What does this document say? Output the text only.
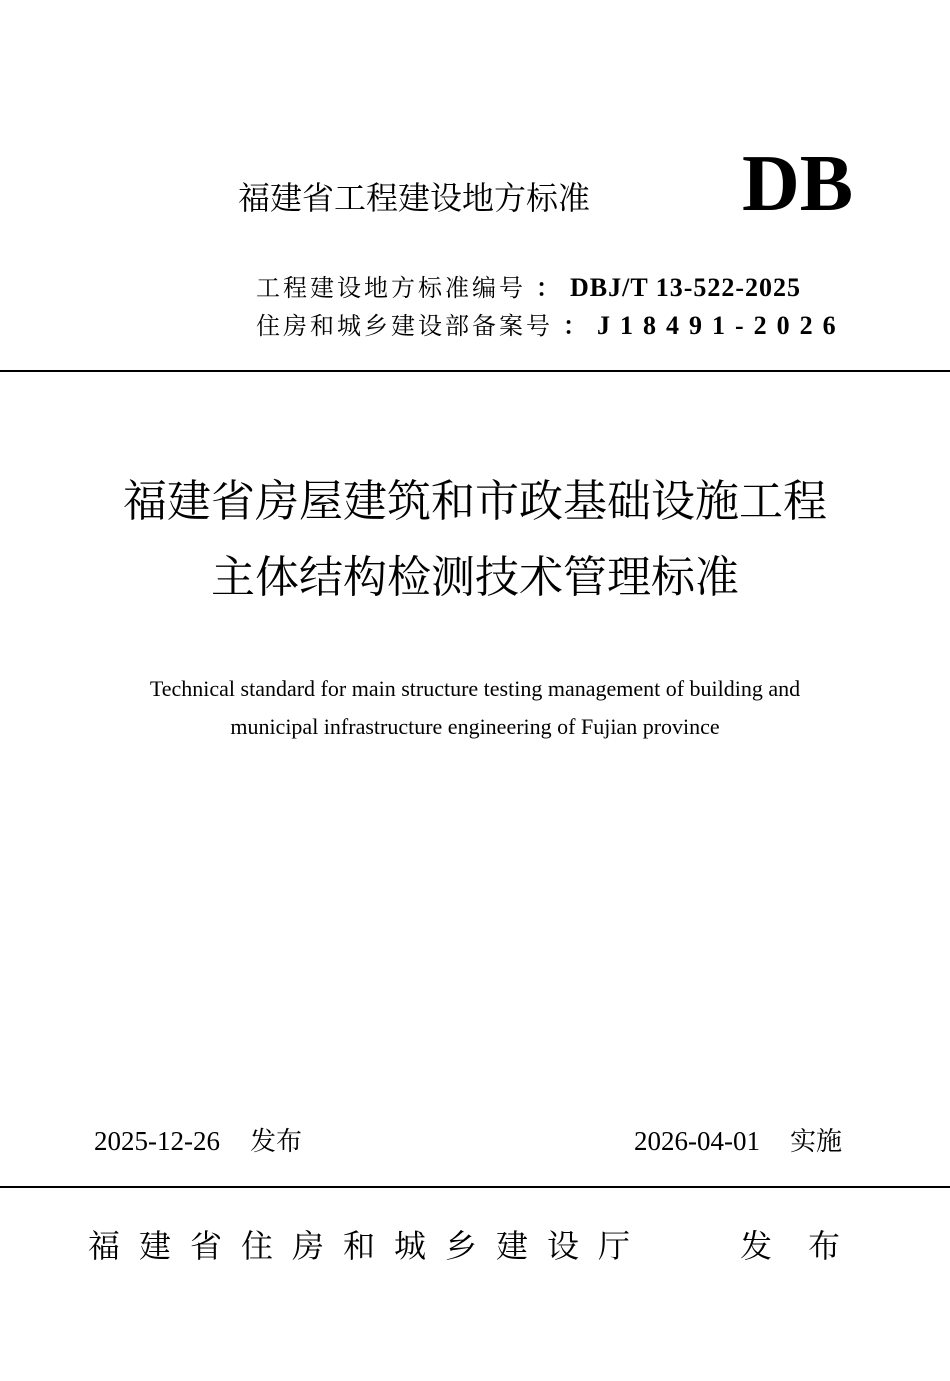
福建省工程建设地方标准 DB
工程建设地方标准编号 ： DBJ/T 13-522-2025
住房和城乡建设部备案号 ： J18491-2026
福建省房屋建筑和市政基础设施工程
主体结构检测技术管理标准
Technical standard for main structure testing management of building and
municipal infrastructure engineering of Fujian province
2025-12-26 发布	2026-04-01 实施
福建省住房和城乡建设厅	发布
